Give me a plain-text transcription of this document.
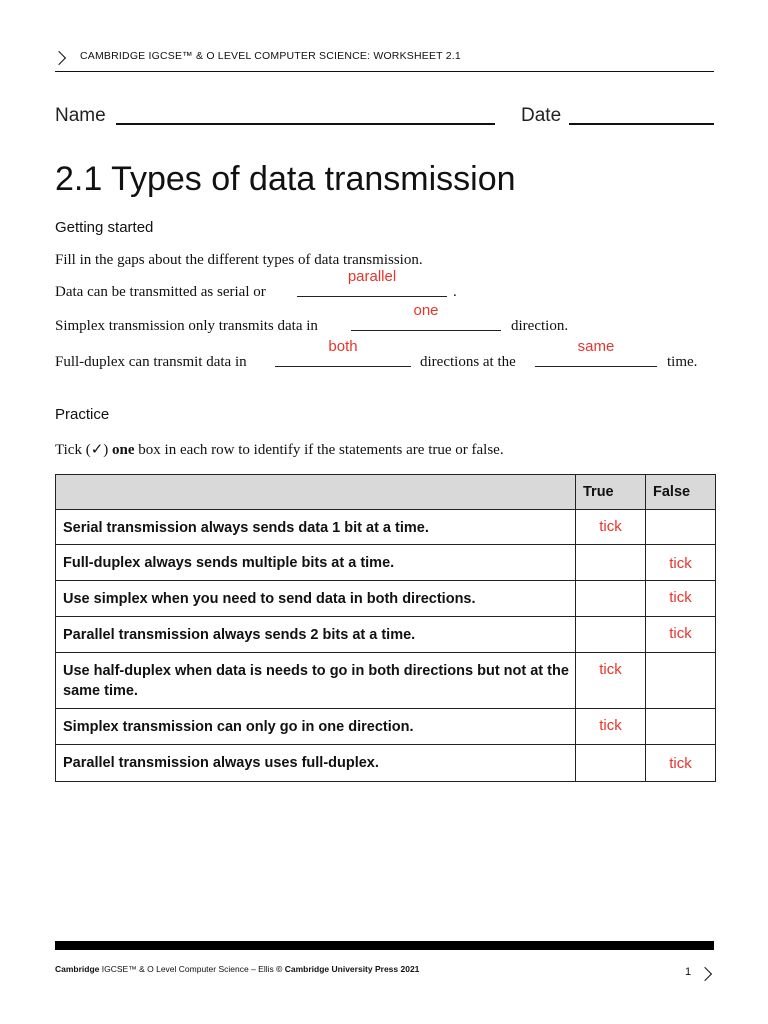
CAMBRIDGE IGCSE™ & O LEVEL COMPUTER SCIENCE: WORKSHEET 2.1
Name	Date
2.1 Types of data transmission
Getting started
Fill in the gaps about the different types of data transmission.
Data can be transmitted as serial or
parallel
.
Simplex transmission only transmits data in
one
direction.
Full-duplex can transmit data in
both
directions at the
same
time.
Practice
Tick (✓) one box in each row to identify if the statements are true or false.
	True	False
Serial transmission always sends data 1 bit at a time.	tick	
Full-duplex always sends multiple bits at a time.		tick
Use simplex when you need to send data in both directions.		tick
Parallel transmission always sends 2 bits at a time.		tick
Use half-duplex when data is needs to go in both directions but not at the same time.	tick	
Simplex transmission can only go in one direction.	tick	
Parallel transmission always uses full-duplex.		tick
Cambridge IGCSE™ & O Level Computer Science – Ellis © Cambridge University Press 2021	1
